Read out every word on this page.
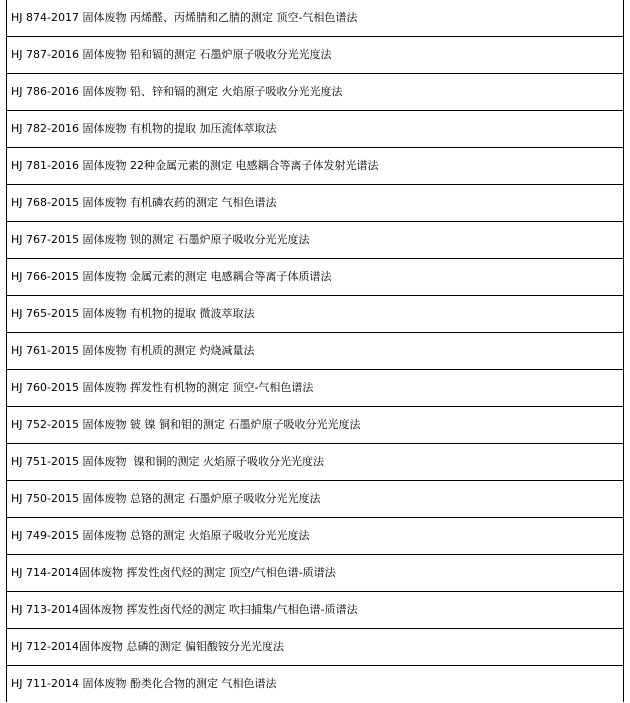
HJ 874-2017 固体废物 丙烯醛、丙烯腈和乙腈的测定 顶空-气相色谱法
HJ 787-2016 固体废物 铅和镉的测定 石墨炉原子吸收分光光度法
HJ 786-2016 固体废物 铅、锌和镉的测定 火焰原子吸收分光光度法
HJ 782-2016 固体废物 有机物的提取 加压流体萃取法
HJ 781-2016 固体废物 22种金属元素的测定 电感耦合等离子体发射光谱法
HJ 768-2015 固体废物 有机磷农药的测定 气相色谱法
HJ 767-2015 固体废物 钡的测定 石墨炉原子吸收分光光度法
HJ 766-2015 固体废物 金属元素的测定 电感耦合等离子体质谱法
HJ 765-2015 固体废物 有机物的提取 微波萃取法
HJ 761-2015 固体废物 有机质的测定 灼烧减量法
HJ 760-2015 固体废物 挥发性有机物的测定 顶空-气相色谱法
HJ 752-2015 固体废物 铍 镍 铜和钼的测定 石墨炉原子吸收分光光度法
HJ 751-2015 固体废物  镍和铜的测定 火焰原子吸收分光光度法
HJ 750-2015 固体废物 总铬的测定 石墨炉原子吸收分光光度法
HJ 749-2015 固体废物 总铬的测定 火焰原子吸收分光光度法
HJ 714-2014固体废物 挥发性卤代烃的测定 顶空/气相色谱-质谱法
HJ 713-2014固体废物 挥发性卤代烃的测定 吹扫捕集/气相色谱-质谱法
HJ 712-2014固体废物 总磷的测定 偏钼酸铵分光光度法
HJ 711-2014 固体废物 酚类化合物的测定 气相色谱法
